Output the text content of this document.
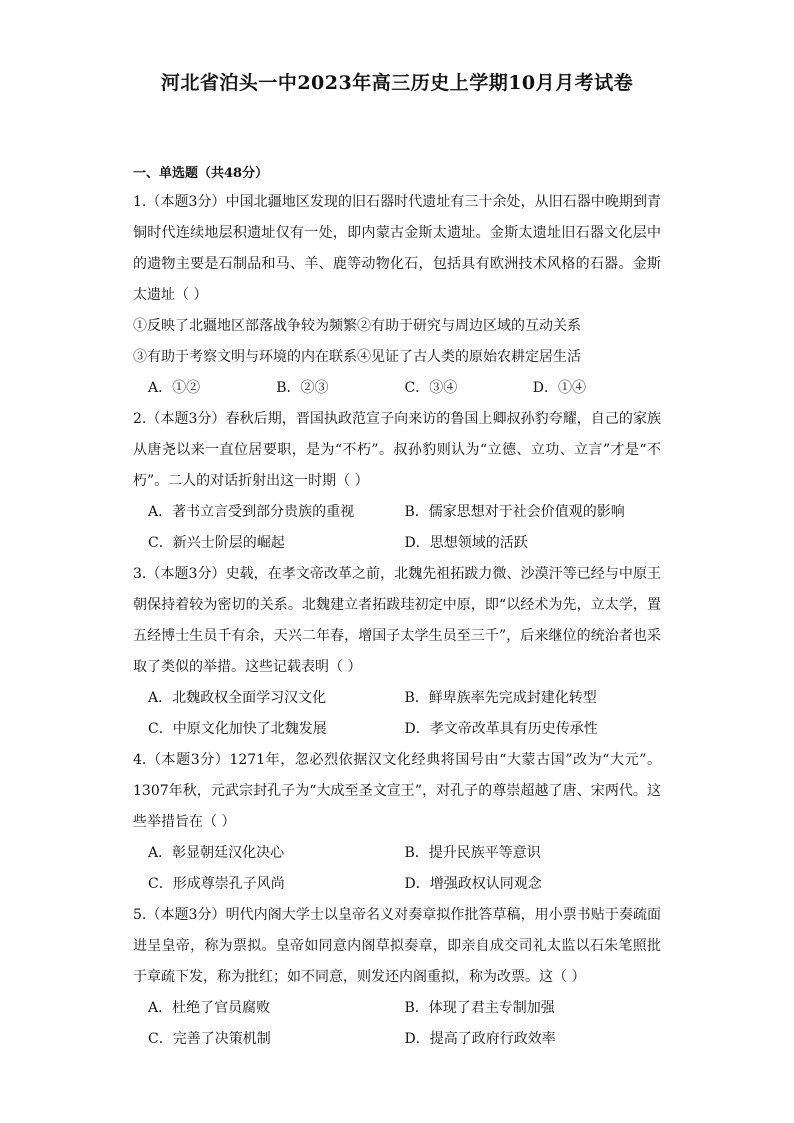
河北省泊头一中2023年高三历史上学期10月月考试卷
一、单选题（共48分）

1.（本题3分）中国北疆地区发现的旧石器时代遗址有三十余处，从旧石器中晚期到青铜时代连续地层积遗址仅有一处，即内蒙古金斯太遗址。金斯太遗址旧石器文化层中的遗物主要是石制品和马、羊、鹿等动物化石，包括具有欧洲技术风格的石器。金斯太遗址（ ）

①反映了北疆地区部落战争较为频繁②有助于研究与周边区域的互动关系

③有助于考察文明与环境的内在联系④见证了古人类的原始农耕定居生活

A．①②	B．②③	C．③④	D．①④

2.（本题3分）春秋后期，晋国执政范宣子向来访的鲁国上卿叔孙豹夸耀，自己的家族从唐尧以来一直位居要职，是为“不朽”。叔孙豹则认为“立德、立功、立言”才是“不朽”。二人的对话折射出这一时期（ ）

A．著书立言受到部分贵族的重视	B．儒家思想对于社会价值观的影响
C．新兴士阶层的崛起	D．思想领域的活跃

3.（本题3分）史载，在孝文帝改革之前，北魏先祖拓跋力微、沙漠汗等已经与中原王朝保持着较为密切的关系。北魏建立者拓跋珪初定中原，即“以经术为先，立太学，置五经博士生员千有余，天兴二年春，增国子太学生员至三千”，后来继位的统治者也采取了类似的举措。这些记载表明（ ）

A．北魏政权全面学习汉文化	B．鲜卑族率先完成封建化转型
C．中原文化加快了北魏发展	D．孝文帝改革具有历史传承性

4.（本题3分）1271年，忽必烈依据汉文化经典将国号由“大蒙古国”改为“大元”。1307年秋，元武宗封孔子为“大成至圣文宣王”，对孔子的尊崇超越了唐、宋两代。这些举措旨在（ ）

A．彰显朝廷汉化决心	B．提升民族平等意识
C．形成尊崇孔子风尚	D．增强政权认同观念

5.（本题3分）明代内阁大学士以皇帝名义对奏章拟作批答草稿，用小票书贴于奏疏面进呈皇帝，称为票拟。皇帝如同意内阁草拟奏章，即亲自成交司礼太监以石朱笔照批于章疏下发，称为批红；如不同意，则发还内阁重拟，称为改票。这（ ）

A．杜绝了官员腐败	B．体现了君主专制加强
C．完善了决策机制	D．提高了政府行政效率
